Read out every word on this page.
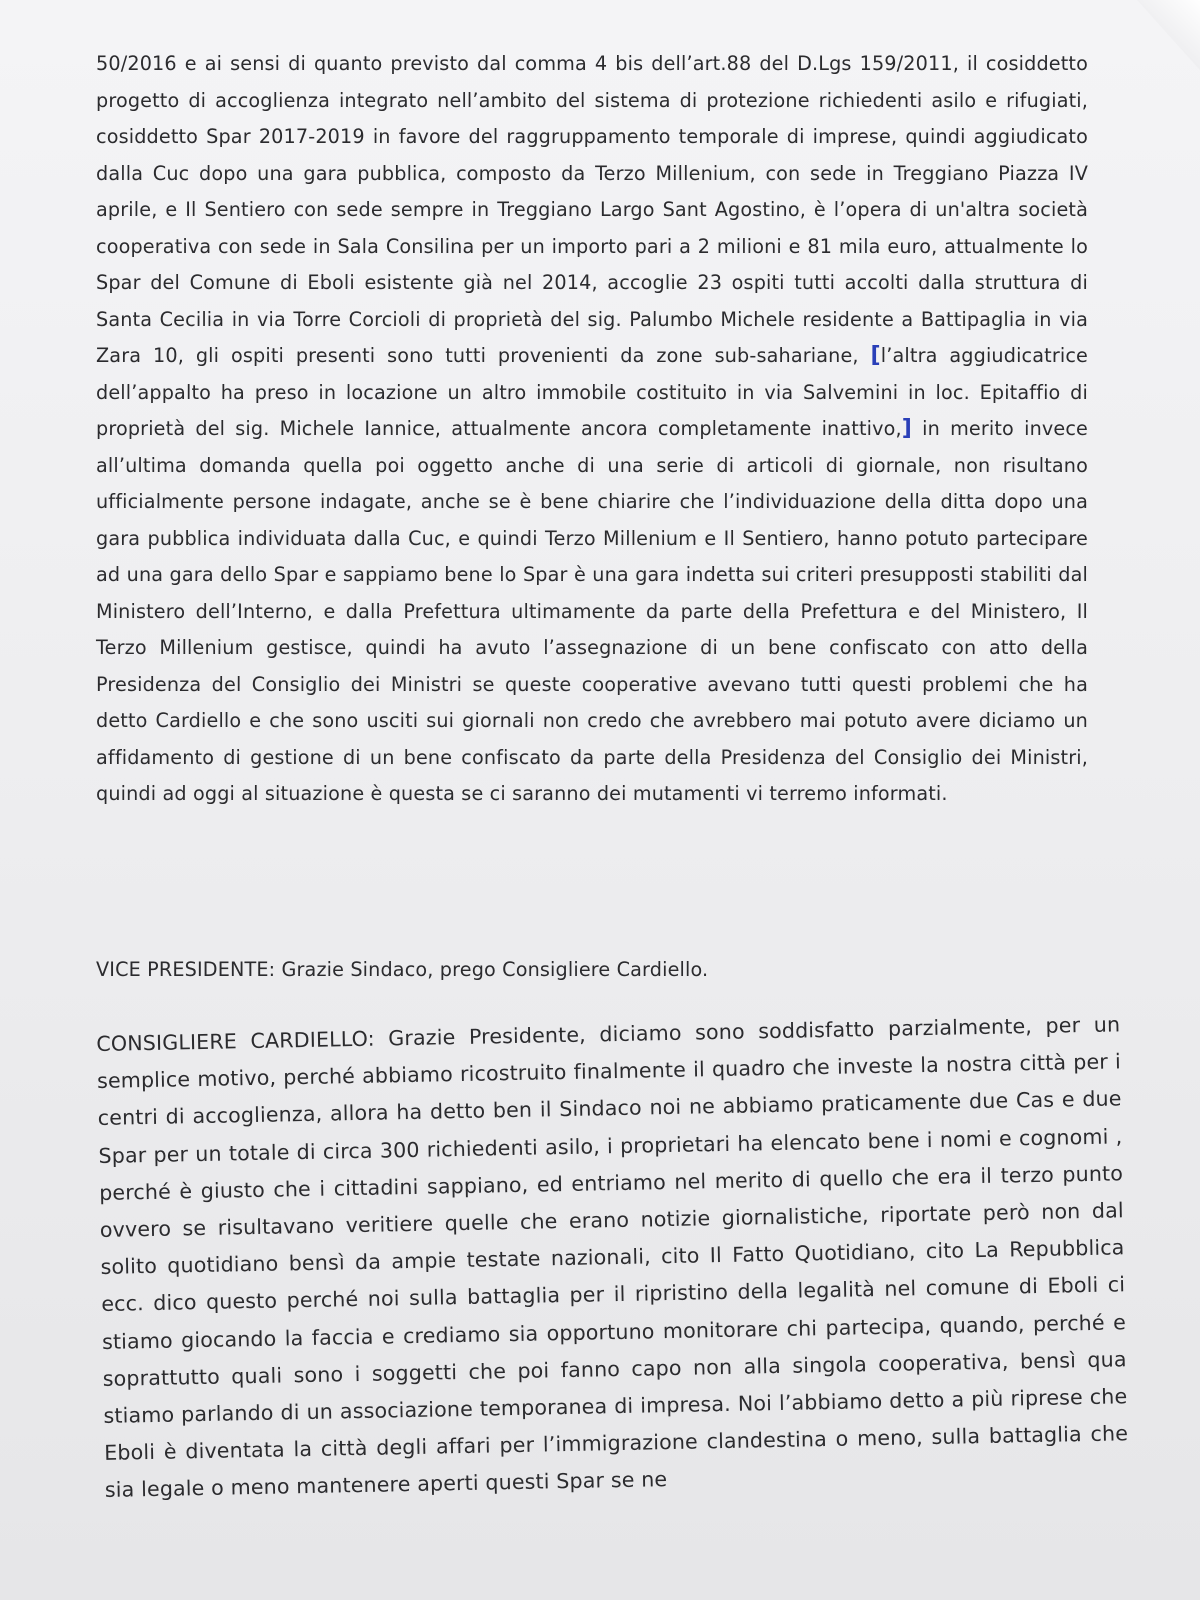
50/2016 e ai sensi di quanto previsto dal comma 4 bis dell’art.88 del D.Lgs 159/2011, il cosiddetto progetto di accoglienza integrato nell’ambito del sistema di protezione richiedenti asilo e rifugiati, cosiddetto Spar 2017-2019 in favore del raggruppamento temporale di imprese, quindi aggiudicato dalla Cuc dopo una gara pubblica, composto da Terzo Millenium, con sede in Treggiano Piazza IV aprile, e Il Sentiero con sede sempre in Treggiano Largo Sant Agostino, è l’opera di un'altra società cooperativa con sede in Sala Consilina per un importo pari a 2 milioni e 81 mila euro, attualmente lo Spar del Comune di Eboli esistente già nel 2014, accoglie 23 ospiti tutti accolti dalla struttura di Santa Cecilia in via Torre Corcioli di proprietà del sig. Palumbo Michele residente a Battipaglia in via Zara 10, gli ospiti presenti sono tutti provenienti da zone sub-sahariane, [l’altra aggiudicatrice dell’appalto ha preso in locazione un altro immobile costituito in via Salvemini in loc. Epitaffio di proprietà del sig. Michele Iannice, attualmente ancora completamente inattivo,] in merito invece all’ultima domanda quella poi oggetto anche di una serie di articoli di giornale, non risultano ufficialmente persone indagate, anche se è bene chiarire che l’individuazione della ditta dopo una gara pubblica individuata dalla Cuc, e quindi Terzo Millenium e Il Sentiero, hanno potuto partecipare ad una gara dello Spar e sappiamo bene lo Spar è una gara indetta sui criteri presupposti stabiliti dal Ministero dell’Interno, e dalla Prefettura ultimamente da parte della Prefettura e del Ministero, Il Terzo Millenium gestisce, quindi ha avuto l’assegnazione di un bene confiscato con atto della Presidenza del Consiglio dei Ministri se queste cooperative avevano tutti questi problemi che ha detto Cardiello e che sono usciti sui giornali non credo che avrebbero mai potuto avere diciamo un affidamento di gestione di un bene confiscato da parte della Presidenza del Consiglio dei Ministri, quindi ad oggi al situazione è questa se ci saranno dei mutamenti vi terremo informati.

VICE PRESIDENTE: Grazie Sindaco, prego Consigliere Cardiello.

CONSIGLIERE CARDIELLO: Grazie Presidente, diciamo sono soddisfatto parzialmente, per un semplice motivo, perché abbiamo ricostruito finalmente il quadro che investe la nostra città per i centri di accoglienza, allora ha detto ben il Sindaco noi ne abbiamo praticamente due Cas e due Spar per un totale di circa 300 richiedenti asilo, i proprietari ha elencato bene i nomi e cognomi , perché è giusto che i cittadini sappiano, ed entriamo nel merito di quello che era il terzo punto ovvero se risultavano veritiere quelle che erano notizie giornalistiche, riportate però non dal solito quotidiano bensì da ampie testate nazionali, cito Il Fatto Quotidiano, cito La Repubblica ecc. dico questo perché noi sulla battaglia per il ripristino della legalità nel comune di Eboli ci stiamo giocando la faccia e crediamo sia opportuno monitorare chi partecipa, quando, perché e soprattutto quali sono i soggetti che poi fanno capo non alla singola cooperativa, bensì qua stiamo parlando di un associazione temporanea di impresa. Noi l’abbiamo detto a più riprese che Eboli è diventata la città degli affari per l’immigrazione clandestina o meno, sulla battaglia che sia legale o meno mantenere aperti questi Spar se ne
